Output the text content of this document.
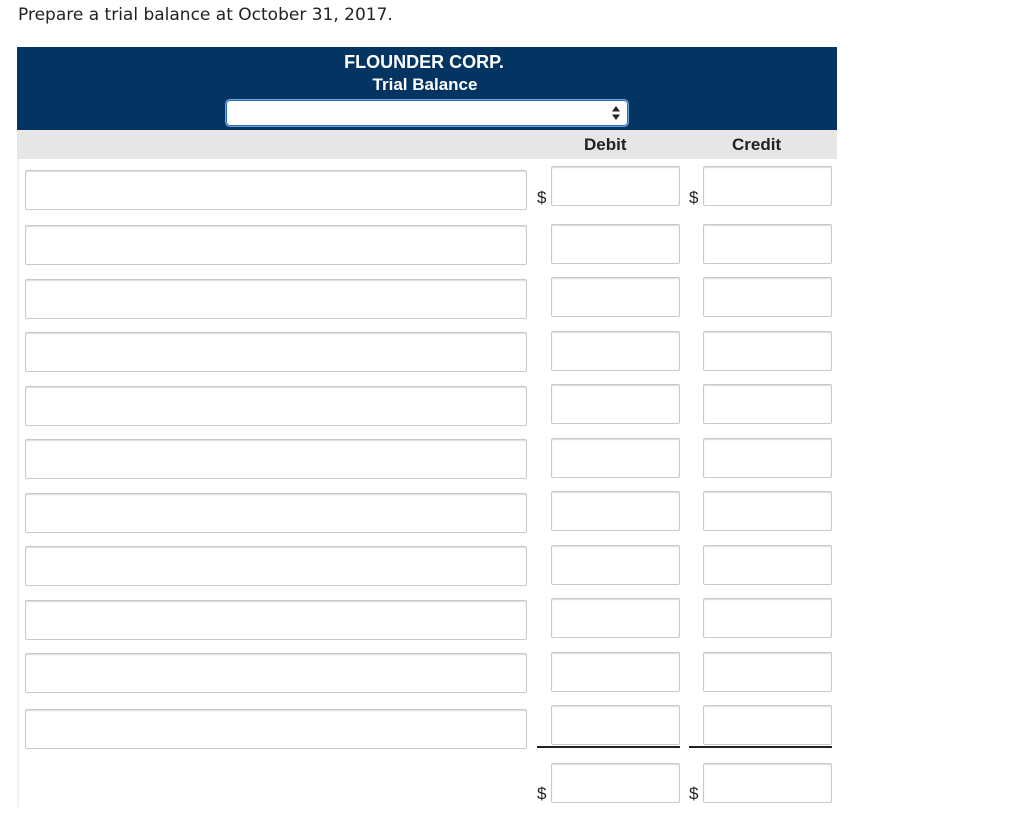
Prepare a trial balance at October 31, 2017.
FLOUNDER CORP.
Trial Balance
Debit	Credit
$	$
$	$
